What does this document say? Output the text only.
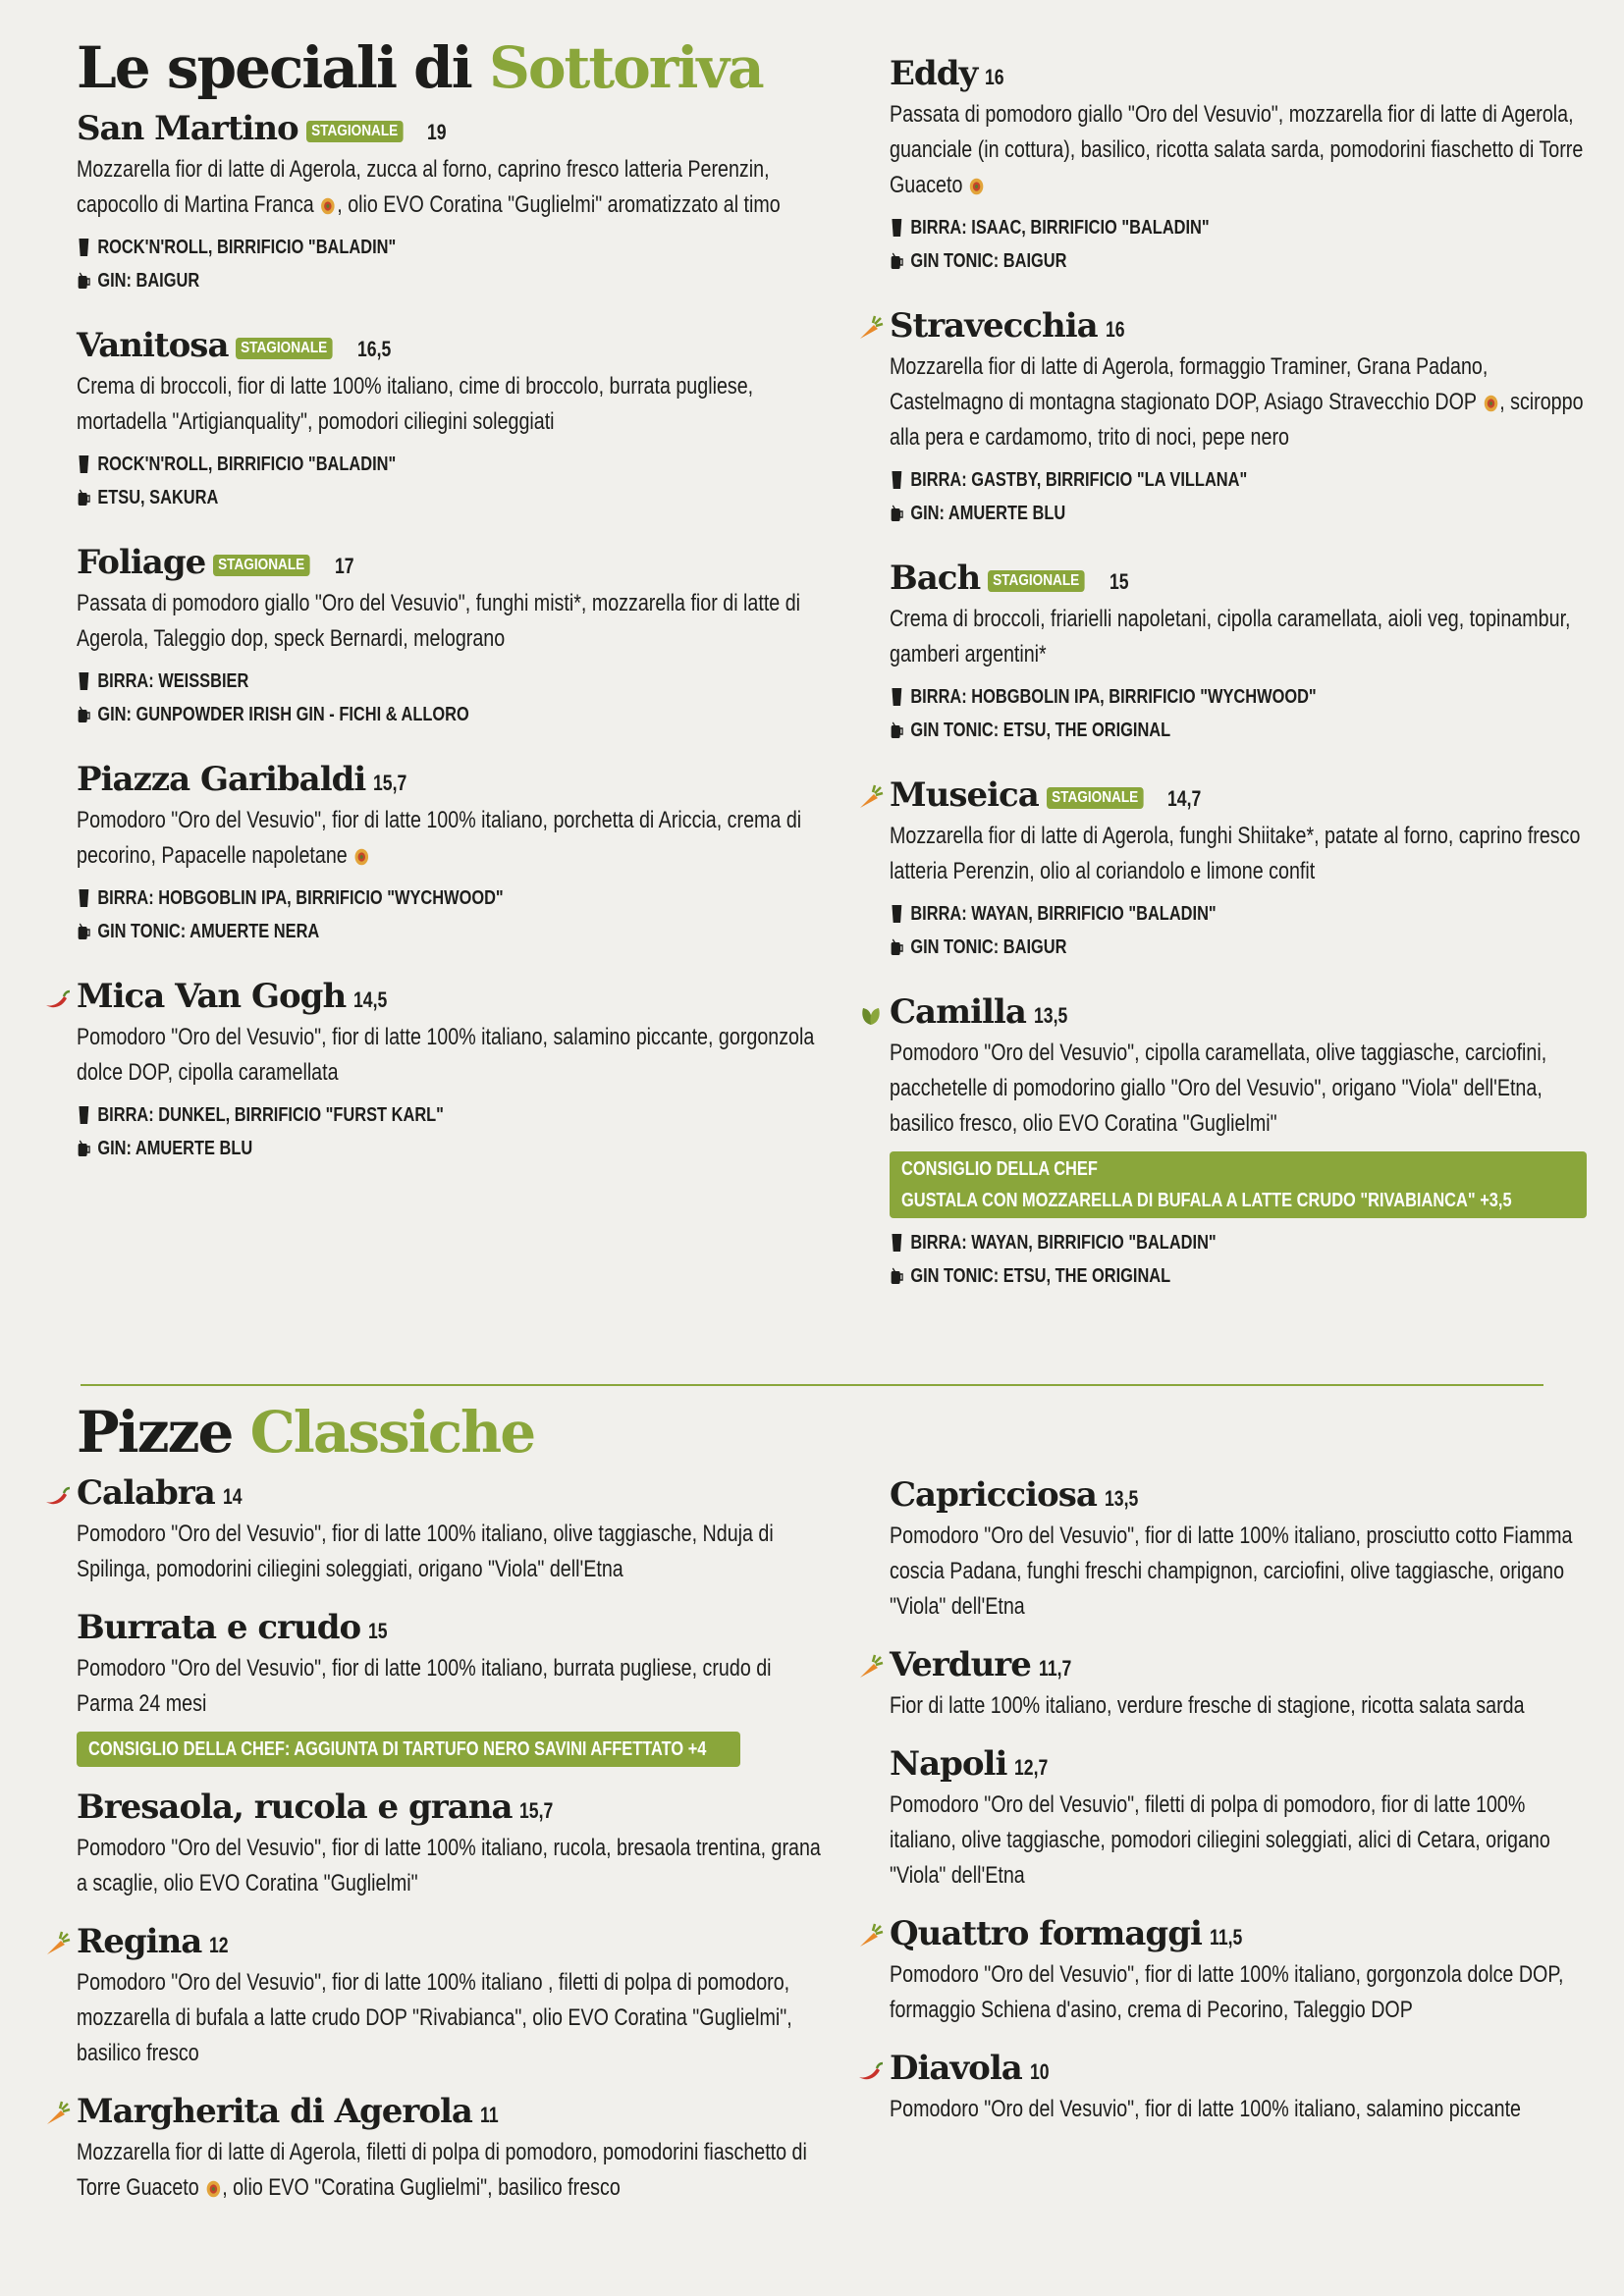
Le speciali di Sottoriva
San Martino STAGIONALE 19

Mozzarella fior di latte di Agerola, zucca al forno, caprino fresco latteria Perenzin, capocollo di Martina Franca , olio EVO Coratina "Guglielmi" aromatizzato al timo

ROCK'N'ROLL, BIRRIFICIO "BALADIN"
GIN: BAIGUR
Vanitosa STAGIONALE 16,5

Crema di broccoli, fior di latte 100% italiano, cime di broccolo, burrata pugliese, mortadella "Artigianquality", pomodori ciliegini soleggiati

ROCK'N'ROLL, BIRRIFICIO "BALADIN"
ETSU, SAKURA
Foliage STAGIONALE 17

Passata di pomodoro giallo "Oro del Vesuvio", funghi misti*, mozzarella fior di latte di Agerola, Taleggio dop, speck Bernardi, melograno

BIRRA: WEISSBIER
GIN: GUNPOWDER IRISH GIN - FICHI & ALLORO
Piazza Garibaldi 15,7

Pomodoro "Oro del Vesuvio", fior di latte 100% italiano, porchetta di Ariccia, crema di pecorino, Papacelle napoletane

BIRRA: HOBGOBLIN IPA, BIRRIFICIO "WYCHWOOD"
GIN TONIC: AMUERTE NERA
Mica Van Gogh 14,5

Pomodoro "Oro del Vesuvio", fior di latte 100% italiano, salamino piccante, gorgonzola dolce DOP, cipolla caramellata

BIRRA: DUNKEL, BIRRIFICIO "FURST KARL"
GIN: AMUERTE BLU
Eddy 16

Passata di pomodoro giallo "Oro del Vesuvio", mozzarella fior di latte di Agerola, guanciale (in cottura), basilico, ricotta salata sarda, pomodorini fiaschetto di Torre Guaceto

BIRRA: ISAAC, BIRRIFICIO "BALADIN"
GIN TONIC: BAIGUR
Stravecchia 16

Mozzarella fior di latte di Agerola, formaggio Traminer, Grana Padano, Castelmagno di montagna stagionato DOP, Asiago Stravecchio DOP , sciroppo alla pera e cardamomo, trito di noci, pepe nero

BIRRA: GASTBY, BIRRIFICIO "LA VILLANA"
GIN: AMUERTE BLU
Bach STAGIONALE 15

Crema di broccoli, friarielli napoletani, cipolla caramellata, aioli veg, topinambur, gamberi argentini*

BIRRA: HOBGBOLIN IPA, BIRRIFICIO "WYCHWOOD"
GIN TONIC: ETSU, THE ORIGINAL
Museica STAGIONALE 14,7

Mozzarella fior di latte di Agerola, funghi Shiitake*, patate al forno, caprino fresco latteria Perenzin, olio al coriandolo e limone confit

BIRRA: WAYAN, BIRRIFICIO "BALADIN"
GIN TONIC: BAIGUR
Camilla 13,5

Pomodoro "Oro del Vesuvio", cipolla caramellata, olive taggiasche, carciofini, pacchetelle di pomodorino giallo "Oro del Vesuvio", origano "Viola" dell'Etna, basilico fresco, olio EVO Coratina "Guglielmi"

CONSIGLIO DELLA CHEF
GUSTALA CON MOZZARELLA DI BUFALA A LATTE CRUDO "RIVABIANCA" +3,5
BIRRA: WAYAN, BIRRIFICIO "BALADIN"
GIN TONIC: ETSU, THE ORIGINAL
Pizze Classiche
Calabra 14

Pomodoro "Oro del Vesuvio", fior di latte 100% italiano, olive taggiasche, Nduja di Spilinga, pomodorini ciliegini soleggiati, origano "Viola" dell'Etna

Burrata e crudo 15

Pomodoro "Oro del Vesuvio", fior di latte 100% italiano, burrata pugliese, crudo di Parma 24 mesi

CONSIGLIO DELLA CHEF: AGGIUNTA DI TARTUFO NERO SAVINI AFFETTATO +4
Bresaola, rucola e grana 15,7

Pomodoro "Oro del Vesuvio", fior di latte 100% italiano, rucola, bresaola trentina, grana a scaglie, olio EVO Coratina "Guglielmi"

Regina 12

Pomodoro "Oro del Vesuvio", fior di latte 100% italiano , filetti di polpa di pomodoro, mozzarella di bufala a latte crudo DOP "Rivabianca", olio EVO Coratina "Guglielmi", basilico fresco

Margherita di Agerola 11

Mozzarella fior di latte di Agerola, filetti di polpa di pomodoro, pomodorini fiaschetto di Torre Guaceto , olio EVO "Coratina Guglielmi", basilico fresco

Capricciosa 13,5

Pomodoro "Oro del Vesuvio", fior di latte 100% italiano, prosciutto cotto Fiamma coscia Padana, funghi freschi champignon, carciofini, olive taggiasche, origano "Viola" dell'Etna

Verdure 11,7

Fior di latte 100% italiano, verdure fresche di stagione, ricotta salata sarda

Napoli 12,7

Pomodoro "Oro del Vesuvio", filetti di polpa di pomodoro, fior di latte 100% italiano, olive taggiasche, pomodori ciliegini soleggiati, alici di Cetara, origano "Viola" dell'Etna

Quattro formaggi 11,5

Pomodoro "Oro del Vesuvio", fior di latte 100% italiano, gorgonzola dolce DOP, formaggio Schiena d'asino, crema di Pecorino, Taleggio DOP

Diavola 10

Pomodoro "Oro del Vesuvio", fior di latte 100% italiano, salamino piccante
